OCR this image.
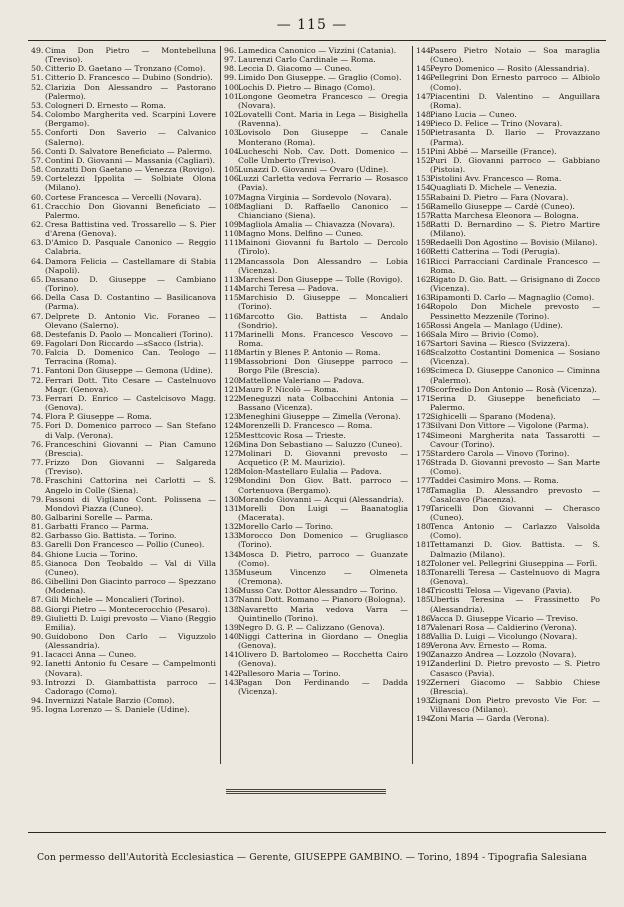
— 115 —
49. Cima Don Pietro — Montebelluna (Treviso).
50. Citterio D. Gaetano — Tronzano (Como).
51. Citterio D. Francesco — Dubino (Sondrio).
52. Clarizia Don Alessandro — Pastorano (Palermo).
53. Cologneri D. Ernesto — Roma.
54. Colombo Margherita ved. Scarpini Lovere (Bergamo).
55. Conforti Don Saverio — Calvanico (Salerno).
56. Conti D. Salvatore Beneficiato — Palermo.
57. Contini D. Giovanni — Massania (Cagliari).
58. Conzatti Don Gaetano — Venezza (Rovigo).
59. Cortelezzi Ippolita — Solbiate Olona (Milano).
60. Cortese Francesca — Vercelli (Novara).
61. Cracchio Don Giovanni Beneficiato — Palermo.
62. Cresa Battistina ved. Trossarello — S. Pier d'Arena (Genova).
63. D'Amico D. Pasquale Canonico — Reggio Calabria.
64. Damora Felicia — Castellamare di Stabia (Napoli).
65. Dassano D. Giuseppe — Cambiano (Torino).
66. Della Casa D. Costantino — Basilicanova (Parma).
67. Delprete D. Antonio Vic. Foraneo — Olevano (Salerno).
68. Destefanis D. Paolo — Moncalieri (Torino).
69. Fagolari Don Riccardo —sSacco (Istria).
70. Falcia D. Domenico Can. Teologo — Terracina (Roma).
71. Fantoni Don Giuseppe — Gemona (Udine).
72. Ferrari Dott. Tito Cesare — Castelnuovo Magr. (Genova).
73. Ferrari D. Enrico — Castelcisovo Magg. (Genova).
74. Flora P. Giuseppe — Roma.
75. Fori D. Domenico parroco — San Stefano di Valp. (Verona).
76. Franceschini Giovanni — Pian Camuno (Brescia).
77. Frizzo Don Giovanni — Salgareda (Treviso).
78. Fraschini Cattorina nei Carlotti — S. Angelo in Colle (Siena).
79. Fassoni di Vigliano Cont. Polissena — Mondovì Piazza (Cuneo).
80. Galbarini Sorelle — Parma.
81. Garbatti Franco — Parma.
82. Garbasso Gio. Battista. — Torino.
83. Garelli Don Francesco — Pollio (Cuneo).
84. Ghione Lucia — Torino.
85. Gianoca Don Teobaldo — Val di Villa (Cuneo).
86. Gibellini Don Giacinto parroco — Spezzano (Modena).
87. Gili Michele — Moncalieri (Torino).
88. Giorgi Pietro — Montecerocchio (Pesaro).
89. Giulietti D. Luigi prevosto — Viano (Reggio Emilia).
90. Guidobono Don Carlo — Viguzzolo (Alessandria).
91. Iacacci Anna — Cuneo.
92. Ianetti Antonio fu Cesare — Campelmonti (Novara).
93. Introzzi D. Giambattista parroco — Cadorago (Como).
94. Invernizzi Natale Barzio (Como).
95. Iogna Lorenzo — S. Daniele (Udine).
96. Lamedica Canonico — Vizzini (Catania).
97. Laurenzi Carlo Cardinale — Roma.
98. Leccia D. Giacomo — Cuneo.
99. Limido Don Giuseppe. — Graglio (Como).
100.Lochis D. Pietro — Binago (Como).
101.Longone Geometra Francesco — Oregia (Novara).
102.Lovatelli Cont. Maria in Lega — Bisighella (Ravenna).
103.Lovisolo Don Giuseppe — Canale Monterano (Roma).
104.Lucheschi Nob. Cav. Dott. Domenico — Colle Umberto (Treviso).
105.Lunazzi D. Giovanni — Ovaro (Udine).
106.Luzzi Carletta vedova Ferrario — Rosasco (Pavia).
107.Magna Virginia — Sordevolo (Novara).
108.Magliani D. Raffaello Canonico — Chianciano (Siena).
109.Magliola Amalia — Chiavazza (Novara).
110.Magno Mons. Delfino — Cuneo.
111.Mainoni Giovanni fu Bartolo — Dercolo (Tirolo).
112.Mancassola Don Alessandro — Lobia (Vicenza).
113.Marchesi Don Giuseppe — Tolle (Rovigo).
114.Marchi Teresa — Padova.
115.Marchisio D. Giuseppe — Moncalieri (Torino).
116.Marcotto Gio. Battista — Andalo (Sondrio).
117.Marinelli Mons. Francesco Vescovo — Roma.
118.Martin y Blenes P. Antonio — Roma.
119.Massobrioni Don Giuseppe parroco — Borgo Pile (Brescia).
120.Mattellone Valeriano — Padova.
121.Mauro P. Nicolò — Roma.
122.Meneguzzi nata Colbacchini Antonia — Bassano (Vicenza).
123.Meneghini Giuseppe — Zimella (Verona).
124.Morenzelli D. Francesco — Roma.
125.Mesttcovic Rosa — Trieste.
126.Mina Don Sebastiano — Saluzzo (Cuneo).
127.Molinari D. Giovanni prevosto — Acquetico (P. M. Maurizio).
128.Molon-Mastellaro Eulalia — Padova.
129.Mondini Don Giov. Batt. parroco — Cortenuova (Bergamo).
130.Morando Giovanni — Acqui (Alessandria).
131.Morelli Don Luigi — Baanatoglia (Macerata).
132.Morello Carlo — Torino.
133.Morocco Don Domenico — Grugliasco (Torino).
134.Mosca D. Pietro, parroco — Guanzate (Como).
135.Museum Vincenzo — Olmeneta (Cremona).
136.Musso Cav. Dottor Alessandro — Torino.
137.Nanni Dott. Romano — Pianoro (Bologna).
138.Navaretto Maria vedova Varra — Quintinello (Torino).
139.Negro D. G. P. — Calizzano (Genova).
140.Niggi Catterina in Giordano — Oneglia (Genova).
141.Olivero D. Bartolomeo — Rocchetta Cairo (Genova).
142.Pallesoro Maria — Torino.
143.Pagan Don Ferdinando — Dadda (Vicenza).
144.Pasero Pietro Notaio — Soa maraglia (Cuneo).
145.Peyro Domenico — Rosito (Alessandria).
146.Pellegrini Don Ernesto parroco — Albiolo (Como).
147.Piacentini D. Valentino — Anguillara (Roma).
148.Piano Lucia — Cuneo.
149.Pieco D. Felice — Trino (Novara).
150.Pietrasanta D. Ilario — Provazzano (Parma).
151.Pini Abbé — Marseille (France).
152.Puri D. Giovanni parroco — Gabbiano (Pistoia).
153.Pistolini Avv. Francesco — Roma.
154.Quagliati D. Michele — Venezia.
155.Rabaini D. Pietro — Fara (Novara).
156.Ramello Giuseppe — Cardè (Cuneo).
157.Ratta Marchesa Eleonora — Bologna.
158.Ratti D. Bernardino — S. Pietro Martire (Milano).
159.Redaelli Don Agostino — Bovisio (Milano).
160.Retti Catterina — Todi (Perugia).
161.Ricci Parracciani Cardinale Francesco — Roma.
162.Rigato D. Gio. Batt. — Grisignano di Zocco (Vicenza).
163.Ripamonti D. Carlo — Magnaglio (Como).
164.Ropolo Don Michele prevosto — Pessinetto Mezzenile (Torino).
165.Rossi Angela — Manlago (Udine).
166.Sala Miro — Brivio (Como).
167.Sartori Savina — Riesco (Svizzera).
168.Scalzotto Costantini Domenica — Sosiano (Vicenza).
169.Scimeca D. Giuseppe Canonico — Ciminna (Palermo).
170.Scorfredio Don Antonio — Rosà (Vicenza).
171.Serina D. Giuseppe beneficiato — Palermo.
172.Sighicelli — Sparano (Modena).
173.Silvani Don Vittore — Vigolone (Parma).
174.Simeoni Margherita nata Tassarotti — Cavour (Torino).
175.Stardero Carola — Vinovo (Torino).
176.Strada D. Giovanni prevosto — San Marte (Como).
177.Taddei Casimiro Mons. — Roma.
178.Tamaglia D. Alessandro prevosto — Casalcavo (Piacenza).
179.Taricelli Don Giovanni — Cherasco (Cuneo).
180.Tenca Antonio — Carlazzo Valsolda (Como).
181.Tettamanzi D. Giov. Battista. — S. Dalmazio (Milano).
182.Toloner vel. Pellegrini Giuseppina — Forlì.
183.Tonarelli Teresa — Castelnuovo di Magra (Genova).
184.Tricostti Telosa — Vigevano (Pavia).
185.Ubertis Teresina — Frassinetto Po (Alessandria).
186.Vacca D. Giuseppe Vicario — Treviso.
187.Valenari Rosa — Caldierino (Verona).
188.Vallia D. Luigi — Vicolungo (Novara).
189.Verona Avv. Ernesto — Roma.
190.Zanazzo Andrea — Lozzolo (Novara).
191.Zanderlini D. Pietro prevosto — S. Pietro Casasco (Pavia).
192.Zerneri Giacomo — Sabbio Chiese (Brescia).
193.Zignani Don Pietro prevosto Vie For. — Villavesco (Milano).
194.Zoni Maria — Garda (Verona).
Con permesso dell'Autorità Ecclesiastica — Gerente, GIUSEPPE GAMBINO. — Torino, 1894 - Tipografia Salesiana
